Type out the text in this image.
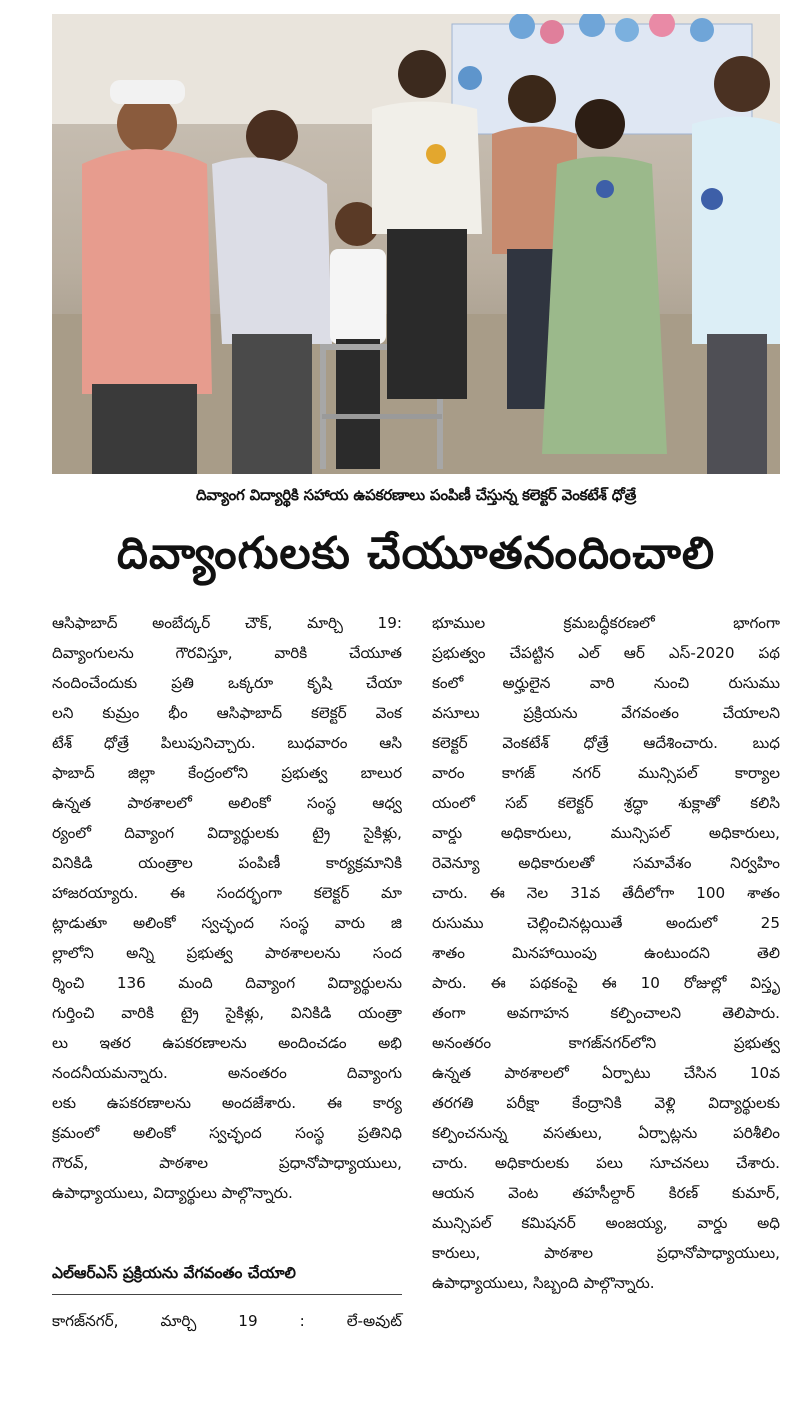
దివ్యాంగ విద్యార్థికి సహాయ ఉపకరణాలు పంపిణీ చేస్తున్న కలెక్టర్ వెంకటేశ్ ధోత్రే
దివ్యాంగులకు చేయూతనందించాలి
ఆసిఫాబాద్ అంబేద్కర్ చౌక్, మార్చి 19:
దివ్యాంగులను గౌరవిస్తూ, వారికి చేయూత
నందించేందుకు ప్రతి ఒక్కరూ కృషి చేయా
లని కుమ్రం భీం ఆసిఫాబాద్ కలెక్టర్ వెంక
టేశ్ ధోత్రే పిలుపునిచ్చారు. బుధవారం ఆసి
ఫాబాద్ జిల్లా కేంద్రంలోని ప్రభుత్వ బాలుర
ఉన్నత పాఠశాలలో అలింకో సంస్థ ఆధ్వ
ర్యంలో దివ్యాంగ విద్యార్థులకు ట్రై సైకిళ్లు,
వినికిడి యంత్రాల పంపిణీ కార్యక్రమానికి
హాజరయ్యారు. ఈ సందర్భంగా కలెక్టర్ మా
ట్లాడుతూ అలింకో స్వచ్ఛంద సంస్థ వారు జి
ల్లాలోని అన్ని ప్రభుత్వ పాఠశాలలను సంద
ర్శించి 136 మంది దివ్యాంగ విద్యార్థులను
గుర్తించి వారికి ట్రై సైకిళ్లు, వినికిడి యంత్రా
లు ఇతర ఉపకరణాలను అందించడం అభి
నందనీయమన్నారు. అనంతరం దివ్యాంగు
లకు ఉపకరణాలను అందజేశారు. ఈ కార్య
క్రమంలో అలింకో స్వచ్ఛంద సంస్థ ప్రతినిధి
గౌరవ్, పాఠశాల ప్రధానోపాధ్యాయులు,
ఉపాధ్యాయులు, విద్యార్థులు పాల్గొన్నారు.
ఎల్ఆర్ఎస్ ప్రక్రియను వేగవంతం చేయాలి
కాగజ్‌నగర్, మార్చి 19 : లే-అవుట్
భూముల క్రమబద్ధీకరణలో భాగంగా
ప్రభుత్వం చేపట్టిన ఎల్ ఆర్ ఎస్-2020 పథ
కంలో అర్హులైన వారి నుంచి రుసుము
వసూలు ప్రక్రియను వేగవంతం చేయాలని
కలెక్టర్ వెంకటేశ్ ధోత్రే ఆదేశించారు. బుధ
వారం కాగజ్ నగర్ మున్సిపల్ కార్యాల
యంలో సబ్ కలెక్టర్ శ్రద్ధా శుక్లాతో కలిసి
వార్డు అధికారులు, మున్సిపల్ అధికారులు,
రెవెన్యూ అధికారులతో సమావేశం నిర్వహిం
చారు. ఈ నెల 31వ తేదీలోగా 100 శాతం
రుసుము చెల్లించినట్లయితే అందులో 25
శాతం మినహాయింపు ఉంటుందని తెలి
పారు. ఈ పథకంపై ఈ 10 రోజుల్లో విస్తృ
తంగా అవగాహన కల్పించాలని తెలిపారు.
అనంతరం కాగజ్‌నగర్‌లోని ప్రభుత్వ
ఉన్నత పాఠశాలలో ఏర్పాటు చేసిన 10వ
తరగతి పరీక్షా కేంద్రానికి వెళ్లి విద్యార్థులకు
కల్పించనున్న వసతులు, ఏర్పాట్లను పరిశీలిం
చారు. అధికారులకు పలు సూచనలు చేశారు.
ఆయన వెంట తహసీల్దార్ కిరణ్ కుమార్,
మున్సిపల్ కమిషనర్ అంజయ్య, వార్డు అధి
కారులు, పాఠశాల ప్రధానోపాధ్యాయులు,
ఉపాధ్యాయులు, సిబ్బంది పాల్గొన్నారు.
